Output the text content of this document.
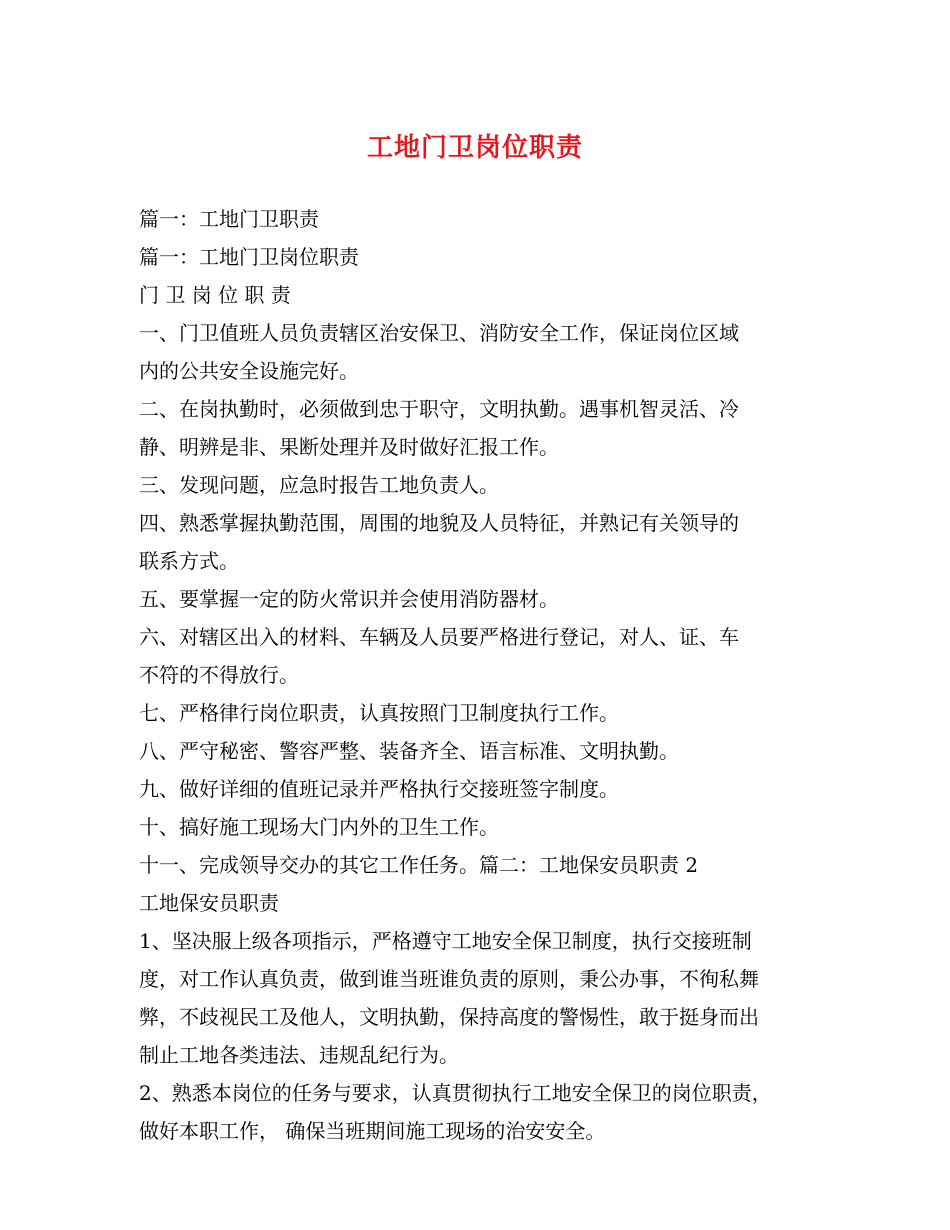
工地门卫岗位职责
篇一：工地门卫职责
篇一：工地门卫岗位职责
门 卫 岗 位 职 责
一、门卫值班人员负责辖区治安保卫、消防安全工作，保证岗位区域
内的公共安全设施完好。
二、在岗执勤时，必须做到忠于职守，文明执勤。遇事机智灵活、冷
静、明辨是非、果断处理并及时做好汇报工作。
三、发现问题，应急时报告工地负责人。
四、熟悉掌握执勤范围，周围的地貌及人员特征，并熟记有关领导的
联系方式。
五、要掌握一定的防火常识并会使用消防器材。
六、对辖区出入的材料、车辆及人员要严格进行登记，对人、证、车
不符的不得放行。
七、严格律行岗位职责，认真按照门卫制度执行工作。
八、严守秘密、警容严整、装备齐全、语言标准、文明执勤。
九、做好详细的值班记录并严格执行交接班签字制度。
十、搞好施工现场大门内外的卫生工作。
十一、完成领导交办的其它工作任务。篇二：工地保安员职责 2
工地保安员职责
1、坚决服上级各项指示，严格遵守工地安全保卫制度，执行交接班制
度，对工作认真负责，做到谁当班谁负责的原则，秉公办事，不徇私舞
弊，不歧视民工及他人，文明执勤，保持高度的警惕性，敢于挺身而出
制止工地各类违法、违规乱纪行为。
2、熟悉本岗位的任务与要求，认真贯彻执行工地安全保卫的岗位职责，
做好本职工作， 确保当班期间施工现场的治安安全。
